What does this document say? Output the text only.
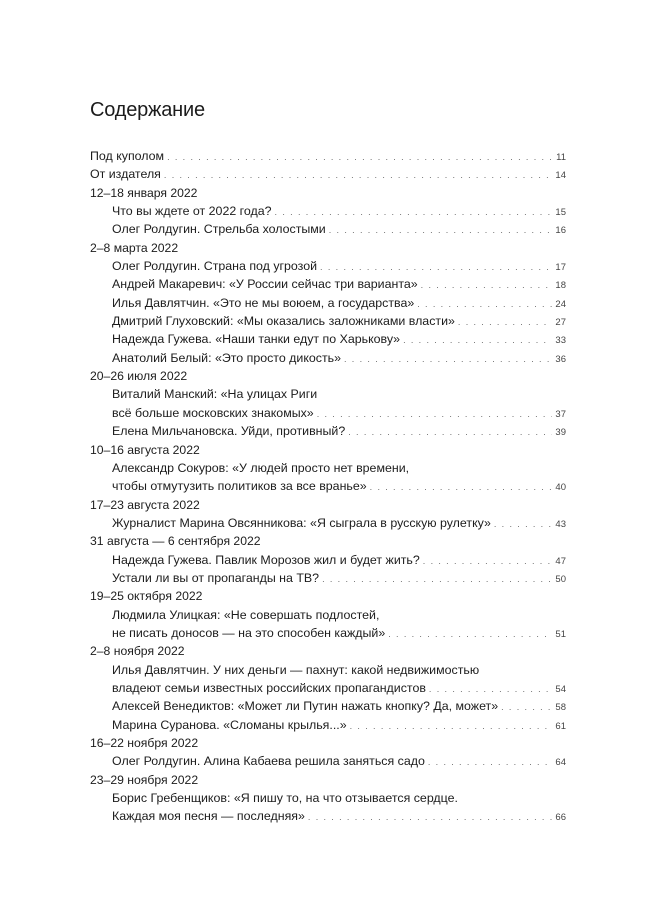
Содержание
Под куполом . . .	11
От издателя . . .	14
12–18 января 2022
Что вы ждете от 2022 года? . . .	15
Олег Ролдугин. Стрельба холостыми . . .	16
2–8 марта 2022
Олег Ролдугин. Страна под угрозой . . .	17
Андрей Макаревич: «У России сейчас три варианта» . . .	18
Илья Давлятчин. «Это не мы воюем, а государства» . . .	24
Дмитрий Глуховский: «Мы оказались заложниками власти» . . .	27
Надежда Гужева. «Наши танки едут по Харькову» . . .	33
Анатолий Белый: «Это просто дикость» . . .	36
20–26 июля 2022
Виталий Манский: «На улицах Риги
всё больше московских знакомых» . . .	37
Елена Мильчановска. Уйди, противный? . . .	39
10–16 августа 2022
Александр Сокуров: «У людей просто нет времени,
чтобы отмутузить политиков за все вранье» . . .	40
17–23 августа 2022
Журналист Марина Овсянникова: «Я сыграла в русскую рулетку» . . .	43
31 августа — 6 сентября 2022
Надежда Гужева. Павлик Морозов жил и будет жить? . . .	47
Устали ли вы от пропаганды на ТВ? . . .	50
19–25 октября 2022
Людмила Улицкая: «Не совершать подлостей,
не писать доносов — на это способен каждый» . . .	51
2–8 ноября 2022
Илья Давлятчин. У них деньги — пахнут: какой недвижимостью
владеют семьи известных российских пропагандистов . . .	54
Алексей Венедиктов: «Может ли Путин нажать кнопку? Да, может» . . .	58
Марина Суранова. «Сломаны крылья...» . . .	61
16–22 ноября 2022
Олег Ролдугин. Алина Кабаева решила заняться садо . . .	64
23–29 ноября 2022
Борис Гребенщиков: «Я пишу то, на что отзывается сердце.
Каждая моя песня — последняя» . . .	66
